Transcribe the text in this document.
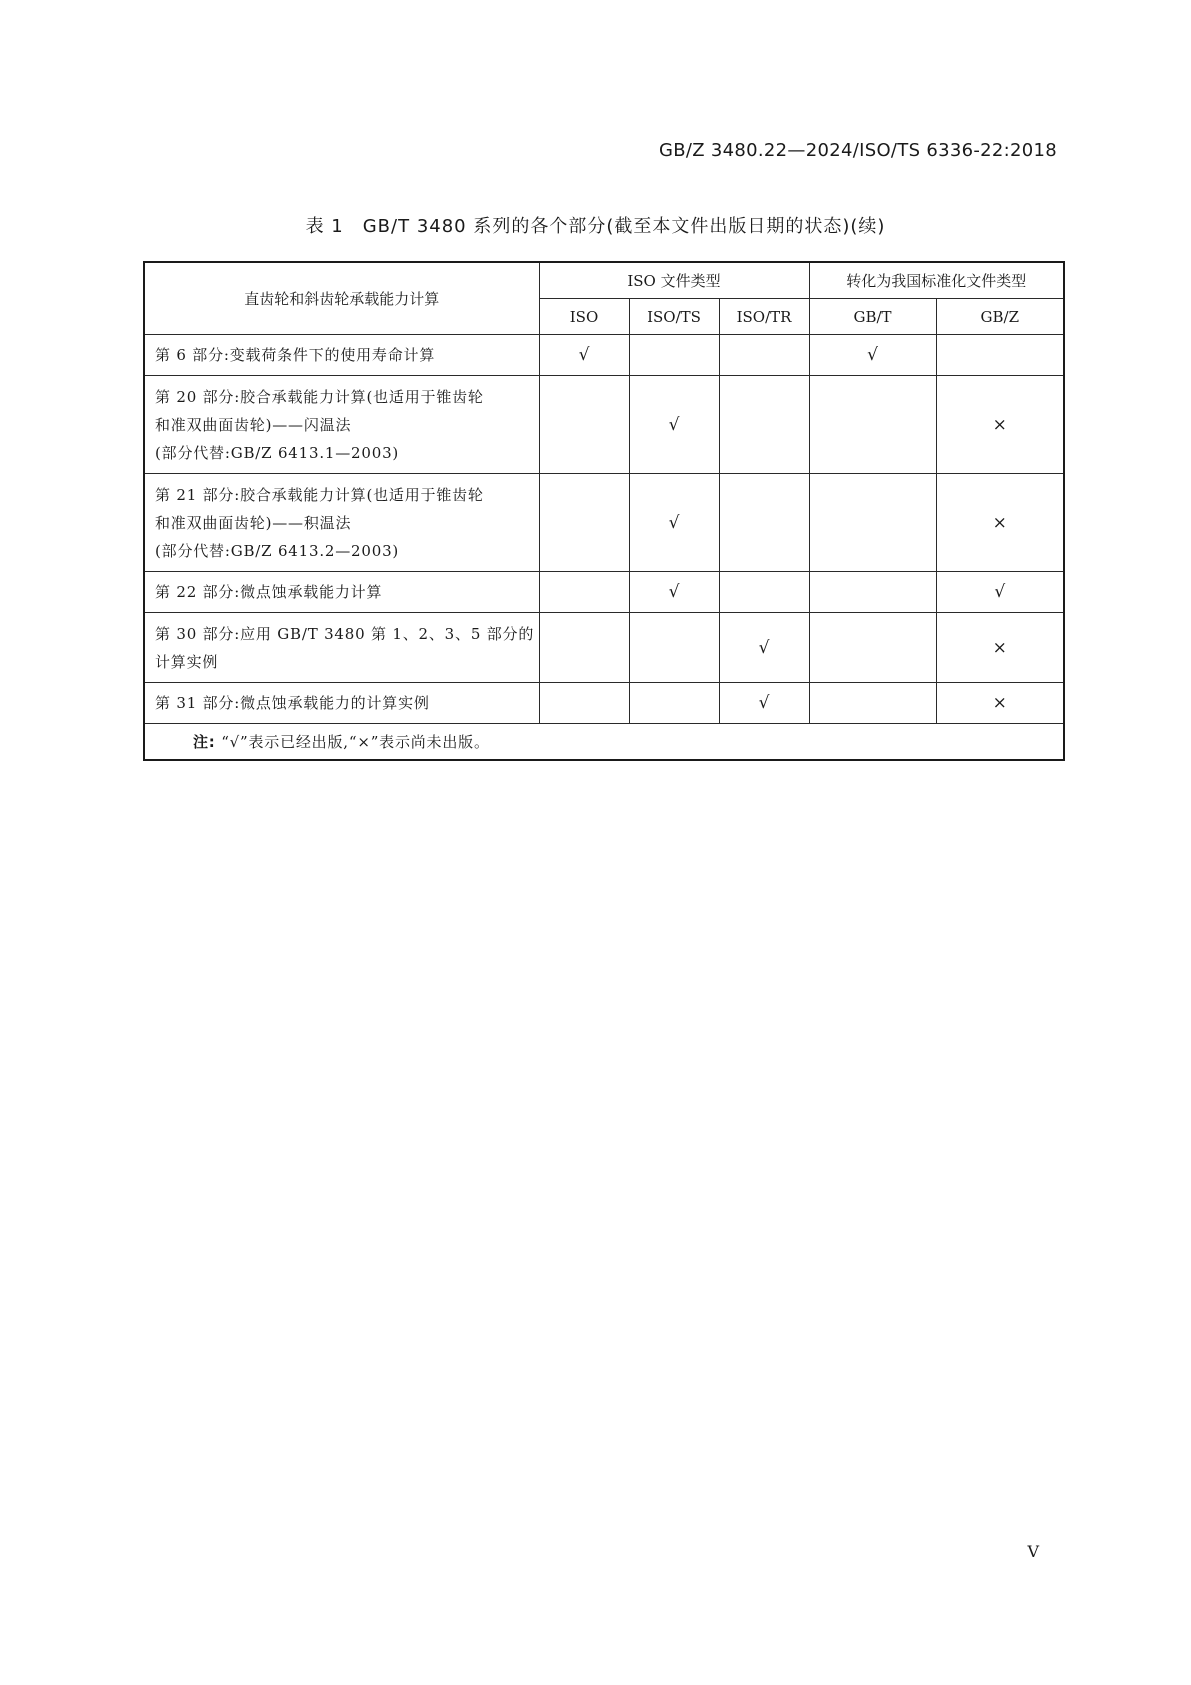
GB/Z 3480.22—2024/ISO/TS 6336-22:2018
表 1　GB/T 3480 系列的各个部分(截至本文件出版日期的状态)(续)
直齿轮和斜齿轮承载能力计算	ISO 文件类型			转化为我国标准化文件类型	
	ISO	ISO/TS	ISO/TR	GB/T	GB/Z

第 6 部分:变载荷条件下的使用寿命计算	√			√	

第 20 部分:胶合承载能力计算(也适用于锥齿轮
和准双曲面齿轮)——闪温法
(部分代替:GB/Z 6413.1—2003)		√			×

第 21 部分:胶合承载能力计算(也适用于锥齿轮
和准双曲面齿轮)——积温法
(部分代替:GB/Z 6413.2—2003)		√			×

第 22 部分:微点蚀承载能力计算		√			√

第 30 部分:应用 GB/T 3480 第 1、2、3、5 部分的
计算实例			√		×

第 31 部分:微点蚀承载能力的计算实例			√		×
注: “√”表示已经出版,“×”表示尚未出版。					
V
